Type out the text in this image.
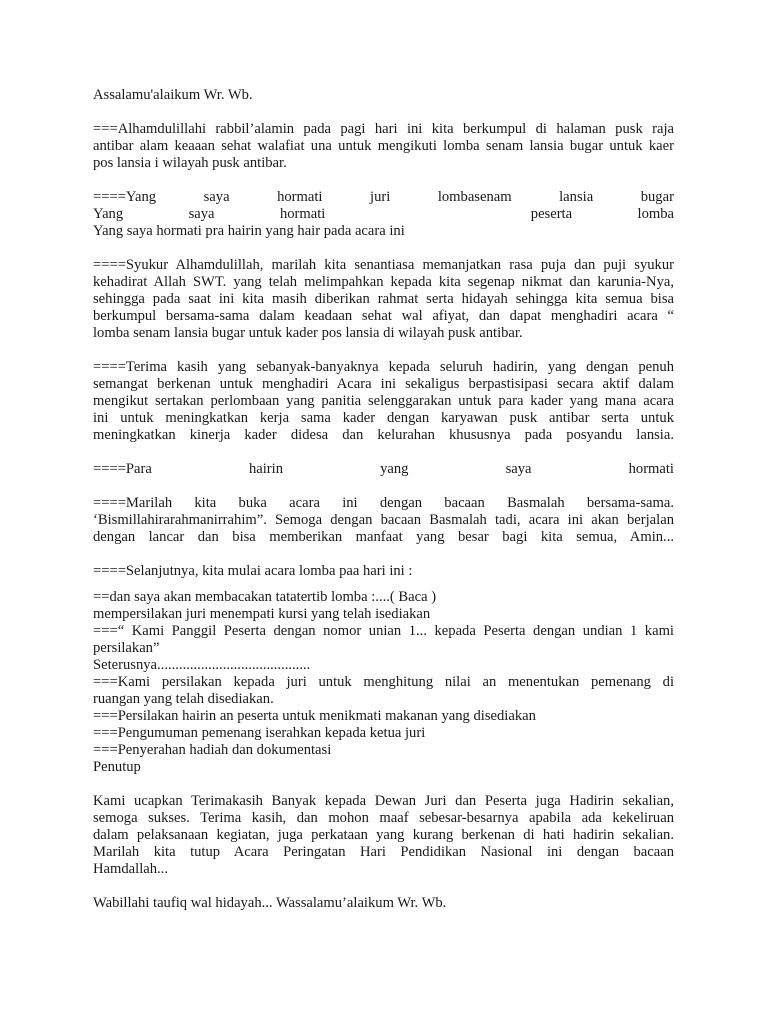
Assalamu'alaikum Wr. Wb.

===Alhamdulillahi rabbil’alamin pada pagi hari ini kita berkumpul di halaman pusk raja
antibar alam keaaan sehat walafiat una untuk mengikuti lomba senam lansia bugar untuk kaer
pos lansia i wilayah pusk antibar.

====Yang	saya	hormati	juri	lombasenam	lansia	bugar
Yang	saya	hormati	peserta	lomba
Yang saya hormati pra hairin yang hair pada acara ini

====Syukur Alhamdulillah, marilah kita senantiasa memanjatkan rasa puja dan puji syukur
kehadirat Allah SWT. yang telah melimpahkan kepada kita segenap nikmat dan karunia-Nya,
sehingga pada saat ini kita masih diberikan rahmat serta hidayah sehingga kita semua bisa
berkumpul bersama-sama dalam keadaan sehat wal afiyat, dan dapat menghadiri acara “
lomba senam lansia bugar untuk kader pos lansia di wilayah pusk antibar.

====Terima kasih yang sebanyak-banyaknya kepada seluruh hadirin, yang dengan penuh
semangat berkenan untuk menghadiri Acara ini sekaligus berpastisipasi secara aktif dalam
mengikut sertakan perlombaan yang panitia selenggarakan untuk para kader yang mana acara
ini untuk meningkatkan kerja sama kader dengan karyawan pusk antibar serta untuk
meningkatkan kinerja kader didesa dan kelurahan khususnya pada posyandu lansia.

====Para	hairin	yang	saya	hormati

====Marilah kita buka acara ini dengan bacaan Basmalah bersama-sama.
‘Bismillahirarahmanirrahim”. Semoga dengan bacaan Basmalah tadi, acara ini akan berjalan
dengan lancar dan bisa memberikan manfaat yang besar bagi kita semua, Amin...

====Selanjutnya, kita mulai acara lomba paa hari ini :

==dan saya akan membacakan tatatertib lomba :....( Baca )
mempersilakan juri menempati kursi yang telah isediakan
===“ Kami Panggil Peserta dengan nomor unian 1... kepada Peserta dengan undian 1 kami
persilakan”
Seterusnya..........................................
===Kami persilakan kepada juri untuk menghitung nilai an menentukan pemenang di
ruangan yang telah disediakan.
===Persilakan hairin an peserta untuk menikmati makanan yang disediakan
===Pengumuman pemenang iserahkan kepada ketua juri
===Penyerahan hadiah dan dokumentasi
Penutup

Kami ucapkan Terimakasih Banyak kepada Dewan Juri dan Peserta juga Hadirin sekalian,
semoga sukses. Terima kasih, dan mohon maaf sebesar-besarnya apabila ada kekeliruan
dalam pelaksanaan kegiatan, juga perkataan yang kurang berkenan di hati hadirin sekalian.
Marilah kita tutup Acara Peringatan Hari Pendidikan Nasional ini dengan bacaan
Hamdallah...

Wabillahi taufiq wal hidayah... Wassalamu’alaikum Wr. Wb.
